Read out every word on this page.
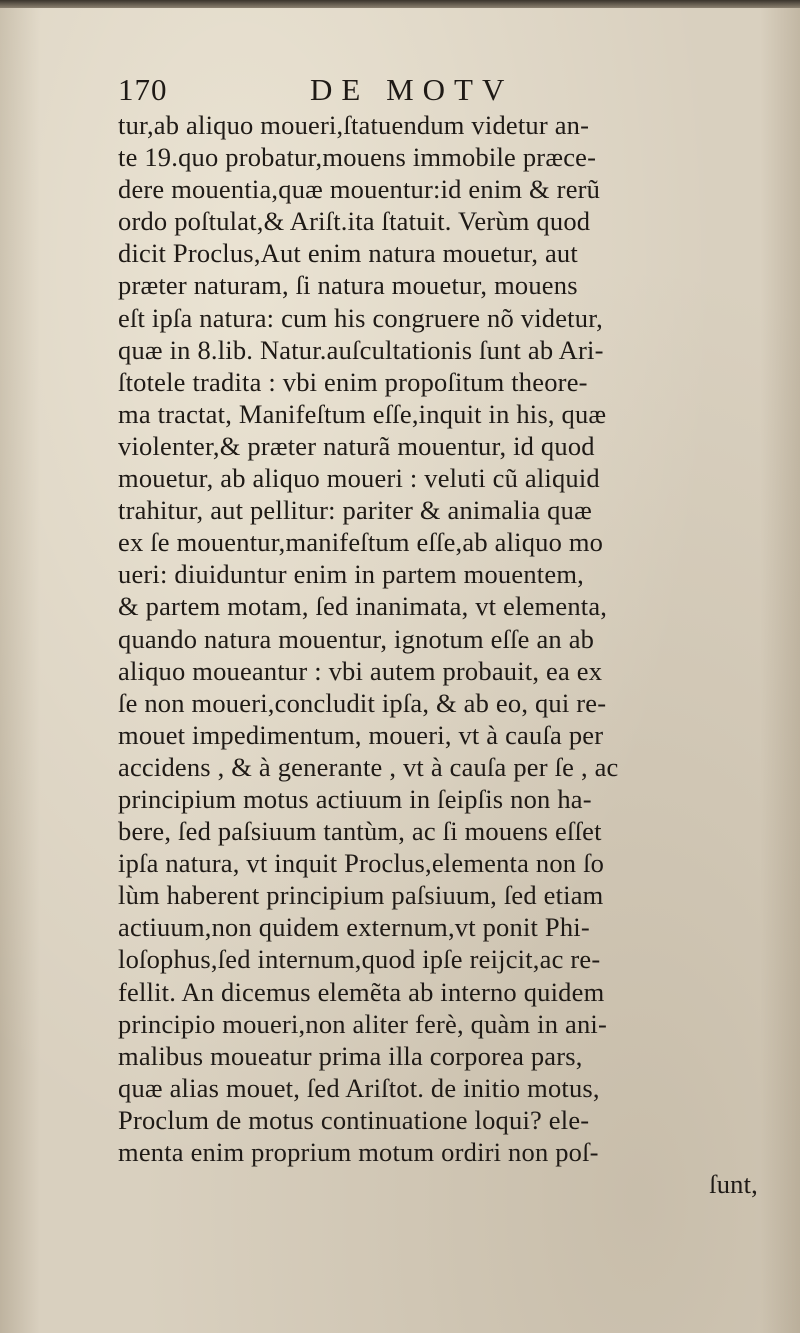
170	DE MOTV
tur,ab aliquo moueri,ſtatuendum videtur an-
te 19.quo probatur,mouens immobile præce-
dere mouentia,quæ mouentur:id enim & rerũ
ordo poſtulat,& Ariſt.ita ſtatuit. Verùm quod
dicit Proclus,Aut enim natura mouetur, aut
præter naturam, ſi natura mouetur, mouens
eſt ipſa natura: cum his congruere nõ videtur,
quæ in 8.lib. Natur.auſcultationis ſunt ab Ari-
ſtotele tradita : vbi enim propoſitum theore-
ma tractat, Manifeſtum eſſe,inquit in his, quæ
violenter,& præter naturã mouentur, id quod
mouetur, ab aliquo moueri : veluti cũ aliquid
trahitur, aut pellitur: pariter & animalia quæ
ex ſe mouentur,manifeſtum eſſe,ab aliquo mo
ueri: diuiduntur enim in partem mouentem,
& partem motam, ſed inanimata, vt elementa,
quando natura mouentur, ignotum eſſe an ab
aliquo moueantur : vbi autem probauit, ea ex
ſe non moueri,concludit ipſa, & ab eo, qui re-
mouet impedimentum, moueri, vt à cauſa per
accidens , & à generante , vt à cauſa per ſe , ac
principium motus actiuum in ſeipſis non ha-
bere, ſed paſsiuum tantùm, ac ſi mouens eſſet
ipſa natura, vt inquit Proclus,elementa non ſo
lùm haberent principium paſsiuum, ſed etiam
actiuum,non quidem externum,vt ponit Phi-
loſophus,ſed internum,quod ipſe reijcit,ac re-
fellit. An dicemus elemẽta ab interno quidem
principio moueri,non aliter ferè, quàm in ani-
malibus moueatur prima illa corporea pars,
quæ alias mouet, ſed Ariſtot. de initio motus,
Proclum de motus continuatione loqui? ele-
menta enim proprium motum ordiri non poſ-
ſunt,
